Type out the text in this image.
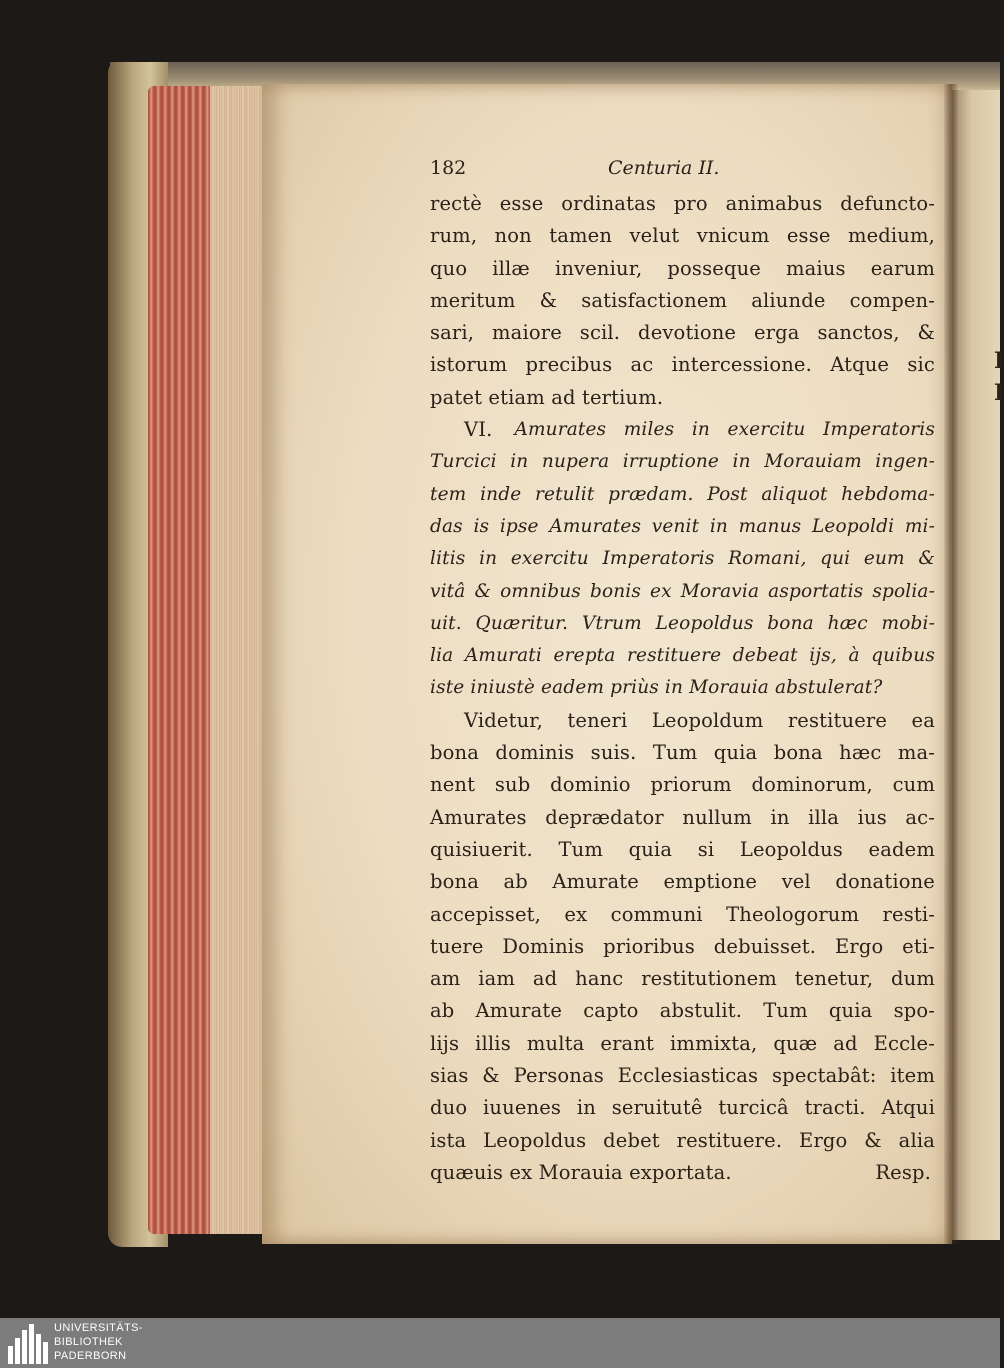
I
I
182	Centuria II.
rectè esse ordinatas pro animabus defuncto-
rum, non tamen velut vnicum esse medium,
quo illæ inveniur, posseque maius earum
meritum & satisfactionem aliunde compen-
sari, maiore scil. devotione erga sanctos, &
istorum precibus ac intercessione. Atque sic
patet etiam ad tertium.
VI. Amurates miles in exercitu Imperatoris
Turcici in nupera irruptione in Morauiam ingen-
tem inde retulit prædam. Post aliquot hebdoma-
das is ipse Amurates venit in manus Leopoldi mi-
litis in exercitu Imperatoris Romani, qui eum &
vitâ & omnibus bonis ex Moravia asportatis spolia-
uit. Quæritur. Vtrum Leopoldus bona hæc mobi-
lia Amurati erepta restituere debeat ijs, à quibus
iste iniustè eadem priùs in Morauia abstulerat?
Videtur, teneri Leopoldum restituere ea
bona dominis suis. Tum quia bona hæc ma-
nent sub dominio priorum dominorum, cum
Amurates deprædator nullum in illa ius ac-
quisiuerit. Tum quia si Leopoldus eadem
bona ab Amurate emptione vel donatione
accepisset, ex communi Theologorum resti-
tuere Dominis prioribus debuisset. Ergo eti-
am iam ad hanc restitutionem tenetur, dum
ab Amurate capto abstulit. Tum quia spo-
lijs illis multa erant immixta, quæ ad Eccle-
sias & Personas Ecclesiasticas spectabât: item
duo iuuenes in seruitutê turcicâ tracti. Atqui
ista Leopoldus debet restituere. Ergo & alia
quæuis ex Morauia exportata.	Resp.
UNIVERSITÄTS-
BIBLIOTHEK
PADERBORN
